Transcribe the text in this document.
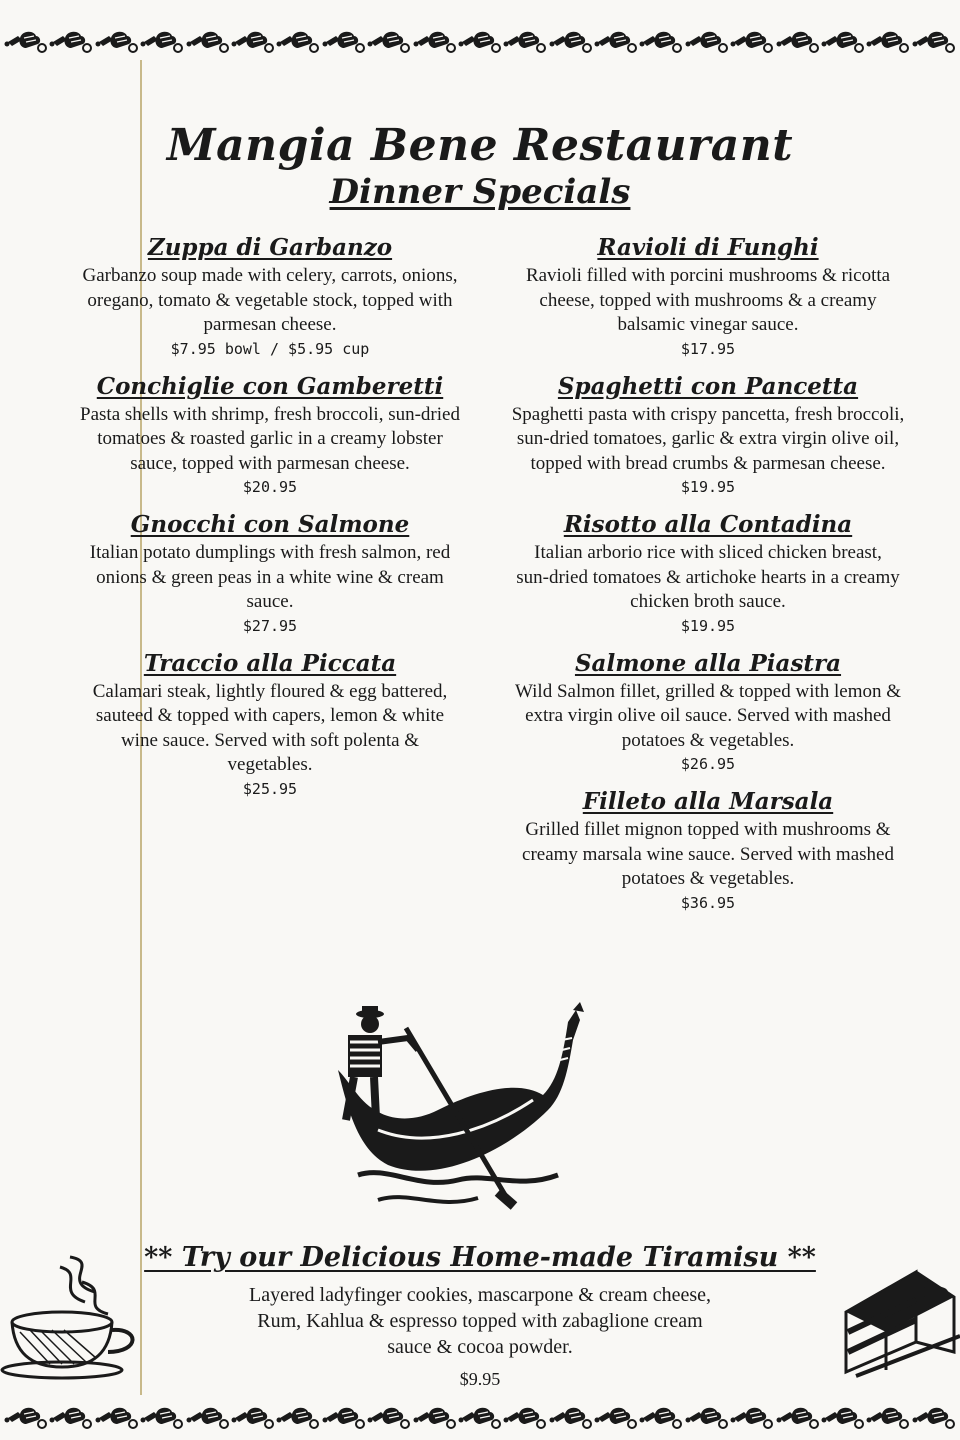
Mangia Bene Restaurant
Dinner Specials
Zuppa di Garbanzo
Garbanzo soup made with celery, carrots, onions, oregano, tomato & vegetable stock, topped with parmesan cheese.
$7.95 bowl / $5.95 cup
Conchiglie con Gamberetti
Pasta shells with shrimp, fresh broccoli, sun-dried tomatoes & roasted garlic in a creamy lobster sauce, topped with parmesan cheese.
$20.95
Gnocchi con Salmone
Italian potato dumplings with fresh salmon, red onions & green peas in a white wine & cream sauce.
$27.95
Traccio alla Piccata
Calamari steak, lightly floured & egg battered, sauteed & topped with capers, lemon & white wine sauce. Served with soft polenta & vegetables.
$25.95
Ravioli di Funghi
Ravioli filled with porcini mushrooms & ricotta cheese, topped with mushrooms & a creamy balsamic vinegar sauce.
$17.95
Spaghetti con Pancetta
Spaghetti pasta with crispy pancetta, fresh broccoli, sun-dried tomatoes, garlic & extra virgin olive oil, topped with bread crumbs & parmesan cheese.
$19.95
Risotto alla Contadina
Italian arborio rice with sliced chicken breast, sun-dried tomatoes & artichoke hearts in a creamy chicken broth sauce.
$19.95
Salmone alla Piastra
Wild Salmon fillet, grilled & topped with lemon & extra virgin olive oil sauce. Served with mashed potatoes & vegetables.
$26.95
Filleto alla Marsala
Grilled fillet mignon topped with mushrooms & creamy marsala wine sauce. Served with mashed potatoes & vegetables.
$36.95
** Try our Delicious Home-made Tiramisu **
Layered ladyfinger cookies, mascarpone & cream cheese, Rum, Kahlua & espresso topped with zabaglione cream sauce & cocoa powder.
$9.95
